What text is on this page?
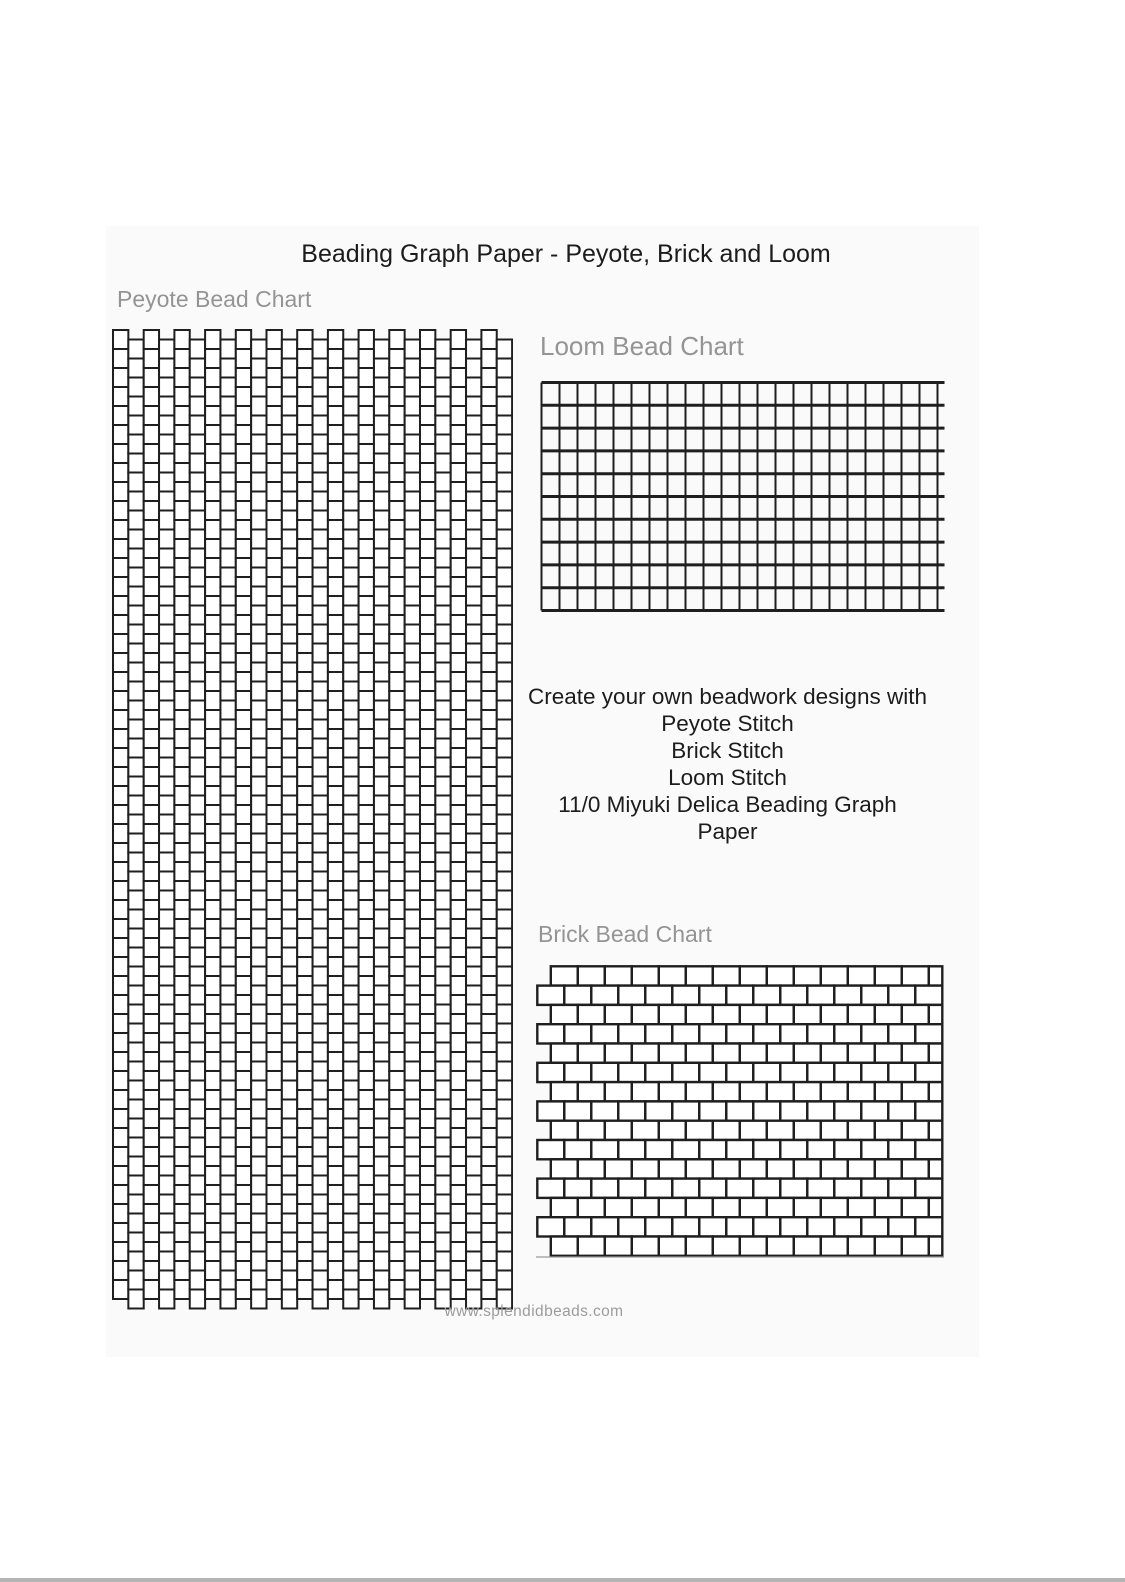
Beading Graph Paper - Peyote, Brick and Loom
Peyote Bead Chart
Loom Bead Chart
Create your own beadwork designs with
Peyote Stitch
Brick Stitch
Loom Stitch
11/0 Miyuki Delica Beading Graph
Paper
Brick Bead Chart
www.splendidbeads.com
